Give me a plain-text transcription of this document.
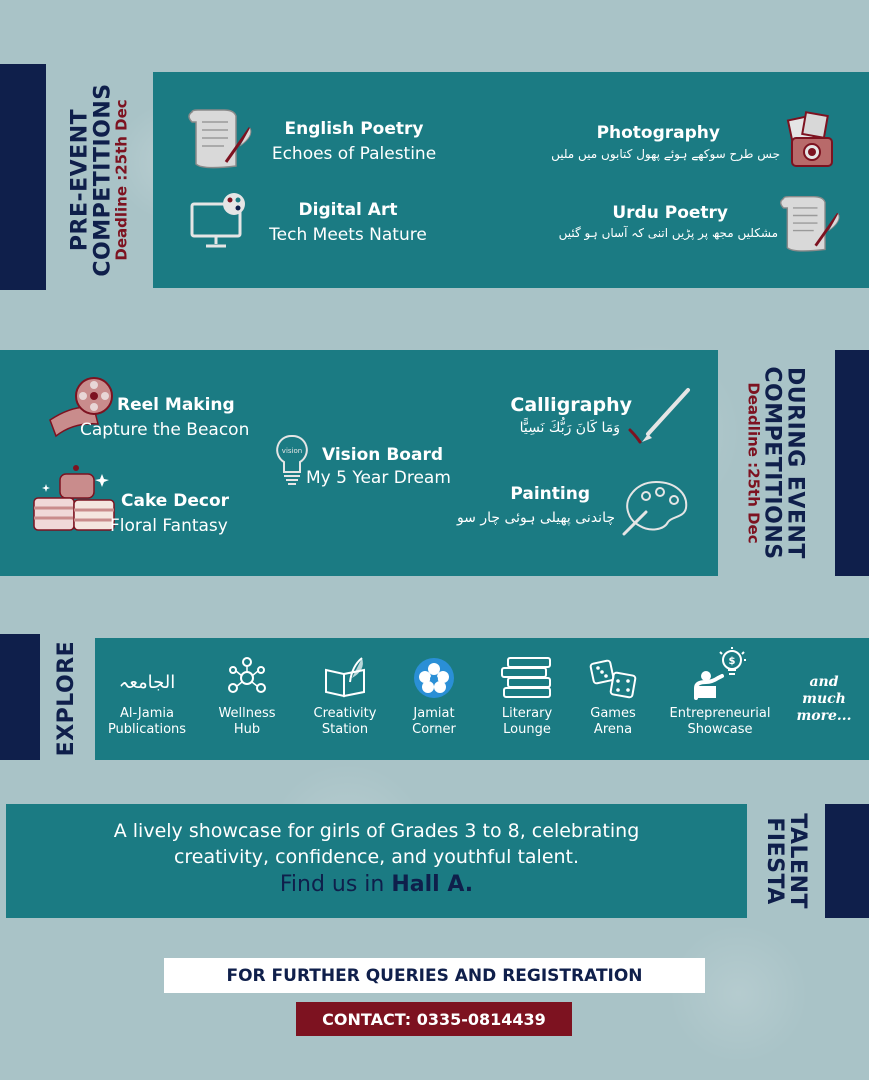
PRE-EVENT
COMPETITIONS
Deadline :25th Dec	English Poetry
Echoes of Palestine
Digital Art
Tech Meets Nature
Photography
جس طرح سوکھے ہوئے پھول کتابوں میں ملیں
Urdu Poetry
مشکلیں مجھ پر پڑیں اتنی کہ آساں ہو گئیں
DURING EVENT
COMPETITIONS
Deadline :25th Dec
Reel Making
Capture the Beacon
Cake Decor
Floral Fantasy
vision Vision Board
My 5 Year Dream
Calligraphy
وَمَا كَانَ رَبُّكَ نَسِيًّا
Painting
چاندنی پھیلی ہوئی چار سو
EXPLORE الجامعہ
Al-Jamia
Publications
Wellness
Hub
Creativity
Station
Jamiat
Corner
Literary
Lounge
Games
Arena
$
Entrepreneurial
Showcase
and
much
more...
TALENT
FIESTA
A lively showcase for girls of Grades 3 to 8, celebrating
creativity, confidence, and youthful talent.
Find us in Hall A.
FOR FURTHER QUERIES AND REGISTRATION
CONTACT: 0335-0814439
